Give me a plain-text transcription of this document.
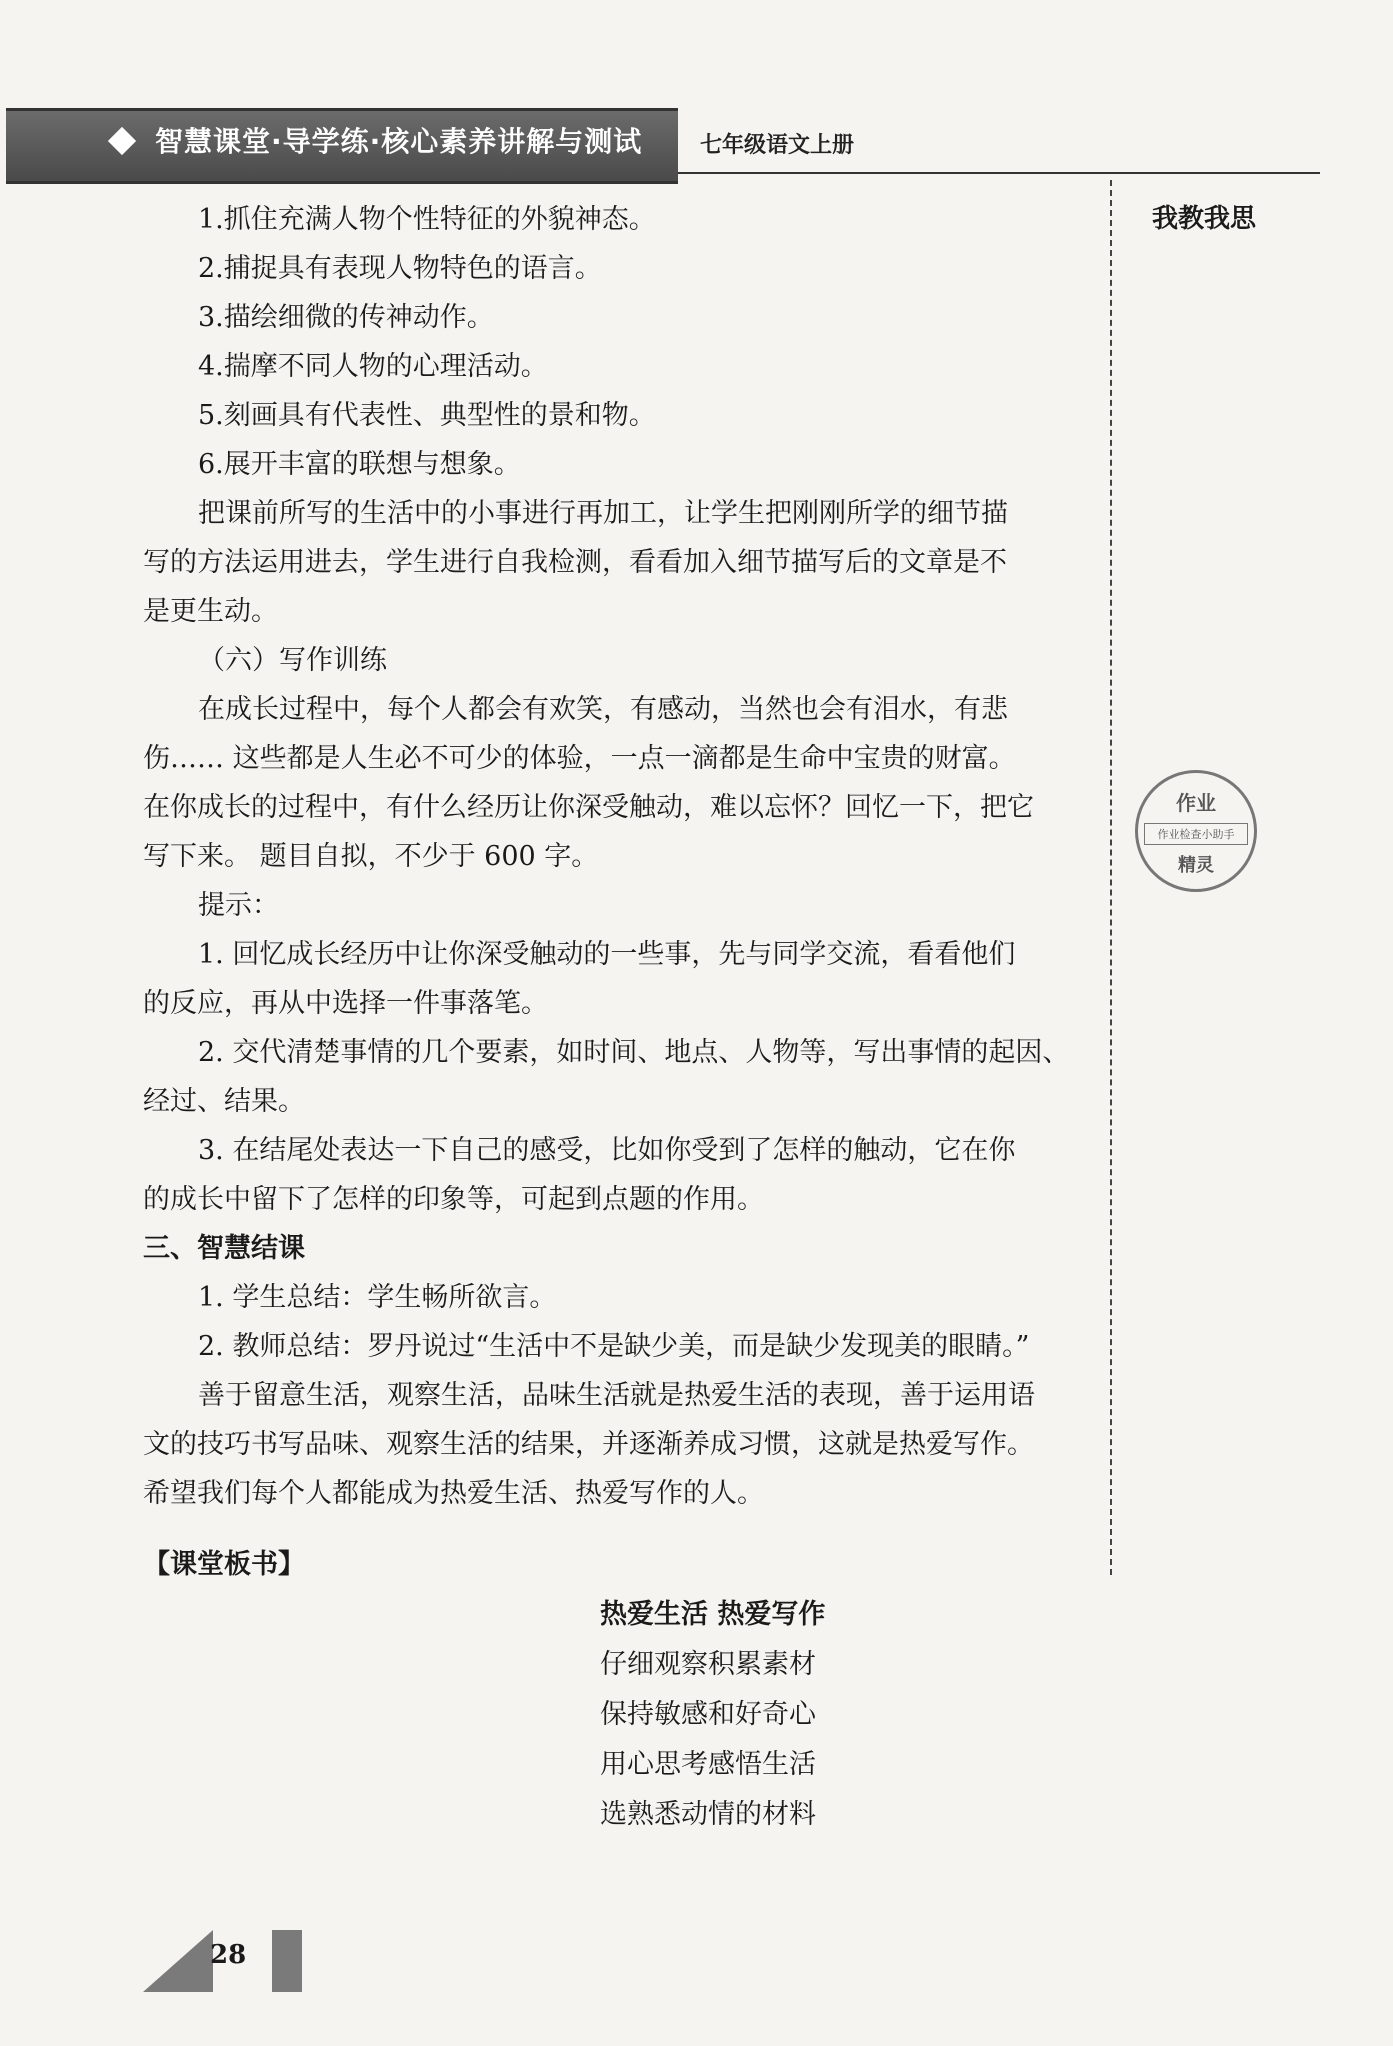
智慧课堂·导学练·核心素养讲解与测试	七年级语文上册
我教我思
作业
作业检查小助手
精灵
1.抓住充满人物个性特征的外貌神态。
2.捕捉具有表现人物特色的语言。
3.描绘细微的传神动作。
4.揣摩不同人物的心理活动。
5.刻画具有代表性、典型性的景和物。
6.展开丰富的联想与想象。
把课前所写的生活中的小事进行再加工，让学生把刚刚所学的细节描
写的方法运用进去，学生进行自我检测，看看加入细节描写后的文章是不
是更生动。
（六）写作训练
在成长过程中，每个人都会有欢笑，有感动，当然也会有泪水，有悲
伤…… 这些都是人生必不可少的体验，一点一滴都是生命中宝贵的财富。
在你成长的过程中，有什么经历让你深受触动，难以忘怀？回忆一下，把它
写下来。 题目自拟，不少于 600 字。
提示：
1. 回忆成长经历中让你深受触动的一些事，先与同学交流，看看他们
的反应，再从中选择一件事落笔。
2. 交代清楚事情的几个要素，如时间、地点、人物等，写出事情的起因、
经过、结果。
3. 在结尾处表达一下自己的感受，比如你受到了怎样的触动，它在你
的成长中留下了怎样的印象等，可起到点题的作用。
三、智慧结课
1. 学生总结：学生畅所欲言。
2. 教师总结：罗丹说过“生活中不是缺少美，而是缺少发现美的眼睛。”
善于留意生活，观察生活，品味生活就是热爱生活的表现，善于运用语
文的技巧书写品味、观察生活的结果，并逐渐养成习惯，这就是热爱写作。
希望我们每个人都能成为热爱生活、热爱写作的人。
【课堂板书】
热爱生活 热爱写作
仔细观察积累素材
保持敏感和好奇心
用心思考感悟生活
选熟悉动情的材料
28
